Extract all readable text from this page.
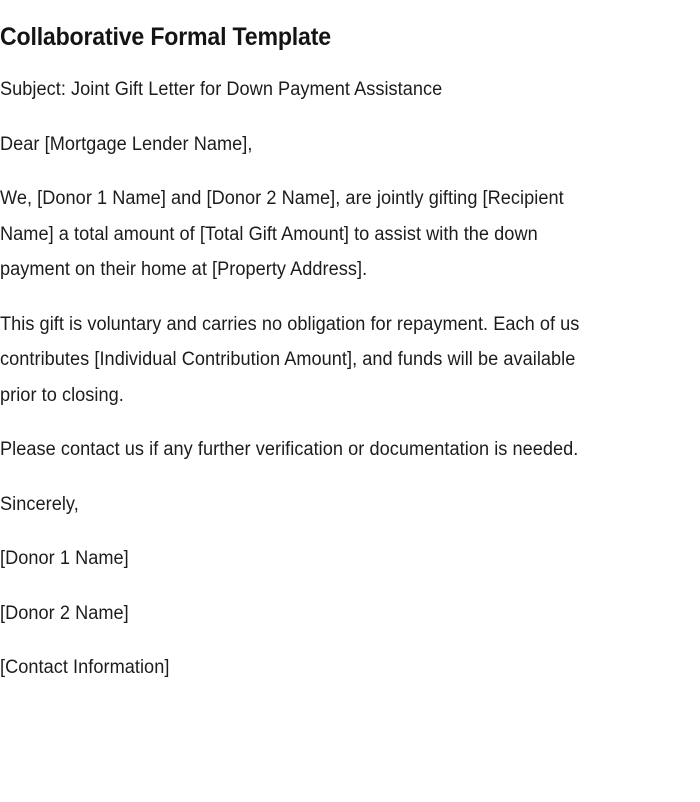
Collaborative Formal Template

Subject: Joint Gift Letter for Down Payment Assistance

Dear [Mortgage Lender Name],

We, [Donor 1 Name] and [Donor 2 Name], are jointly gifting [Recipient Name] a total amount of [Total Gift Amount] to assist with the down payment on their home at [Property Address].

This gift is voluntary and carries no obligation for repayment. Each of us contributes [Individual Contribution Amount], and funds will be available prior to closing.

Please contact us if any further verification or documentation is needed.

Sincerely,

[Donor 1 Name]

[Donor 2 Name]

[Contact Information]
